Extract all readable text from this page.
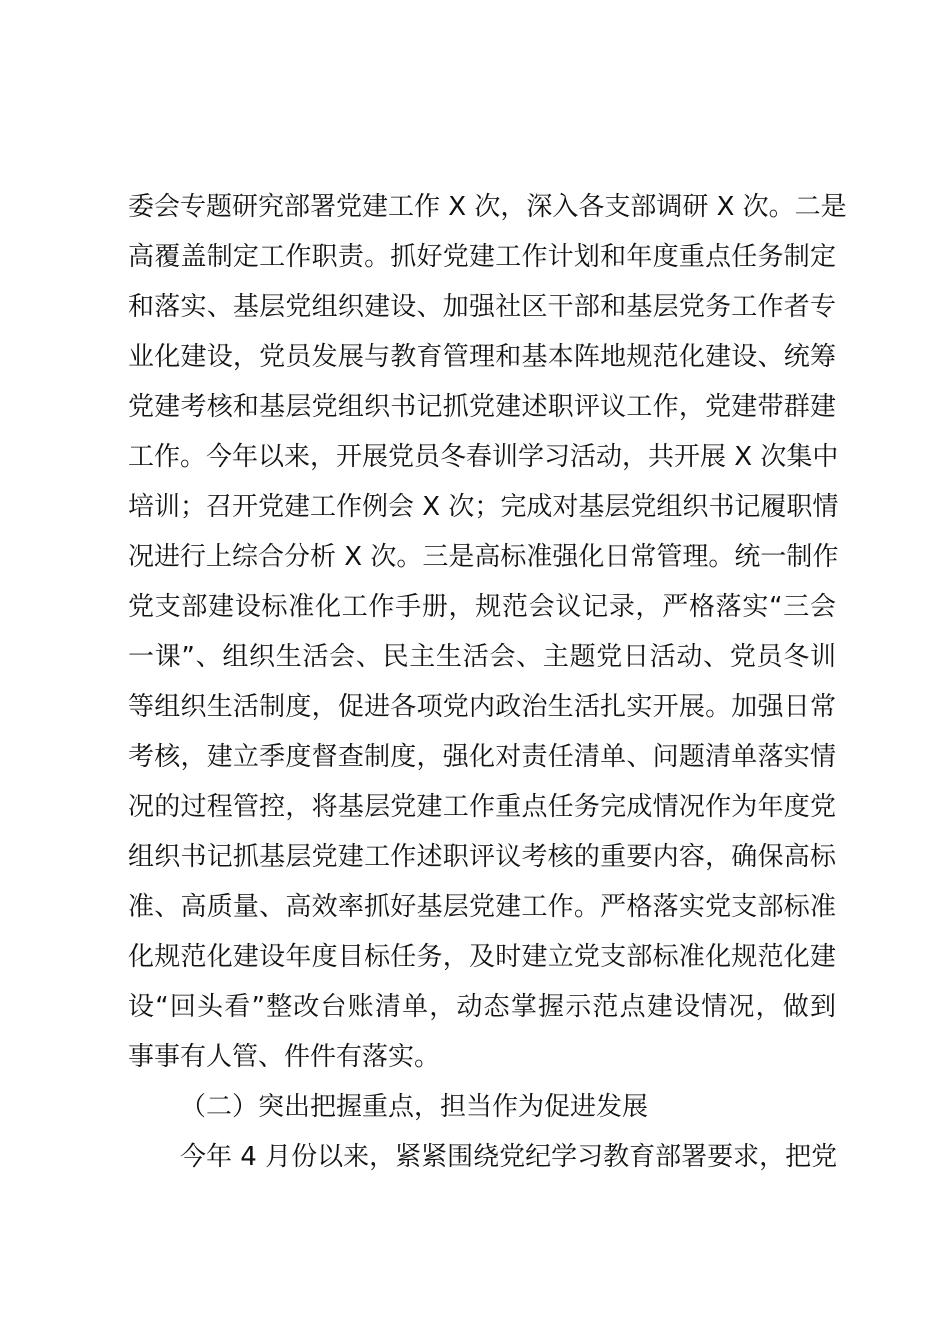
委会专题研究部署党建工作 X 次，深入各支部调研 X 次。二是
高覆盖制定工作职责。抓好党建工作计划和年度重点任务制定
和落实、基层党组织建设、加强社区干部和基层党务工作者专
业化建设，党员发展与教育管理和基本阵地规范化建设、统筹
党建考核和基层党组织书记抓党建述职评议工作，党建带群建
工作。今年以来，开展党员冬春训学习活动，共开展 X 次集中
培训；召开党建工作例会 X 次；完成对基层党组织书记履职情
况进行上综合分析 X 次。三是高标准强化日常管理。统一制作
党支部建设标准化工作手册，规范会议记录，严格落实“三会
一课”、组织生活会、民主生活会、主题党日活动、党员冬训
等组织生活制度，促进各项党内政治生活扎实开展。加强日常
考核，建立季度督查制度，强化对责任清单、问题清单落实情
况的过程管控，将基层党建工作重点任务完成情况作为年度党
组织书记抓基层党建工作述职评议考核的重要内容，确保高标
准、高质量、高效率抓好基层党建工作。严格落实党支部标准
化规范化建设年度目标任务，及时建立党支部标准化规范化建
设“回头看”整改台账清单，动态掌握示范点建设情况，做到
事事有人管、件件有落实。
（二）突出把握重点，担当作为促进发展
今年 4 月份以来，紧紧围绕党纪学习教育部署要求，把党
